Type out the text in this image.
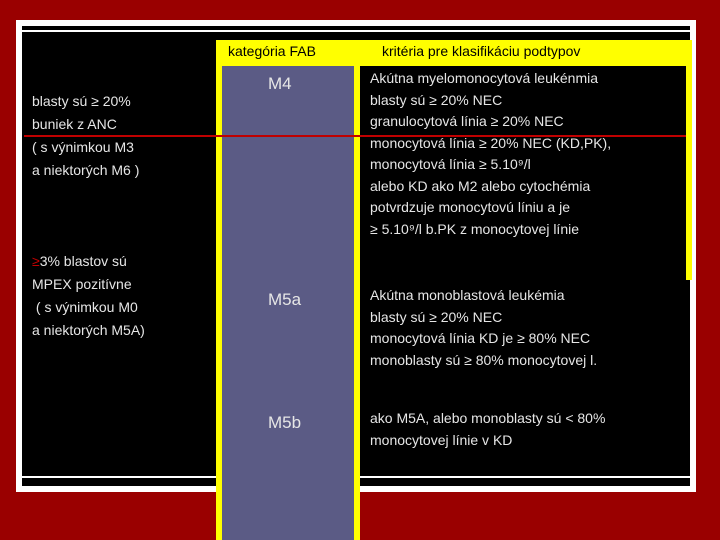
kategória FAB	kritéria pre klasifikáciu podtypov
blasty sú ≥ 20%
buniek z ANC
( s výnimkou M3
a niektorých M6 )
≥3% blastov sú
MPEX pozitívne
( s výnimkou M0
a niektorých M5A)
M4
M5a
M5b
Akútna myelomonocytová leukénmia
blasty sú ≥ 20% NEC
granulocytová línia ≥ 20% NEC
monocytová línia ≥ 20% NEC (KD,PK),
monocytová línia ≥ 5.10⁹/l
alebo KD ako M2 alebo cytochémia
potvrdzuje monocytovú líniu a je
≥ 5.10⁹/l b.PK z monocytovej línie
Akútna monoblastová leukémia
blasty sú ≥ 20% NEC
monocytová línia KD je ≥ 80% NEC
monoblasty sú ≥ 80% monocytovej l.
ako M5A, alebo monoblasty sú < 80%
monocytovej línie v KD
